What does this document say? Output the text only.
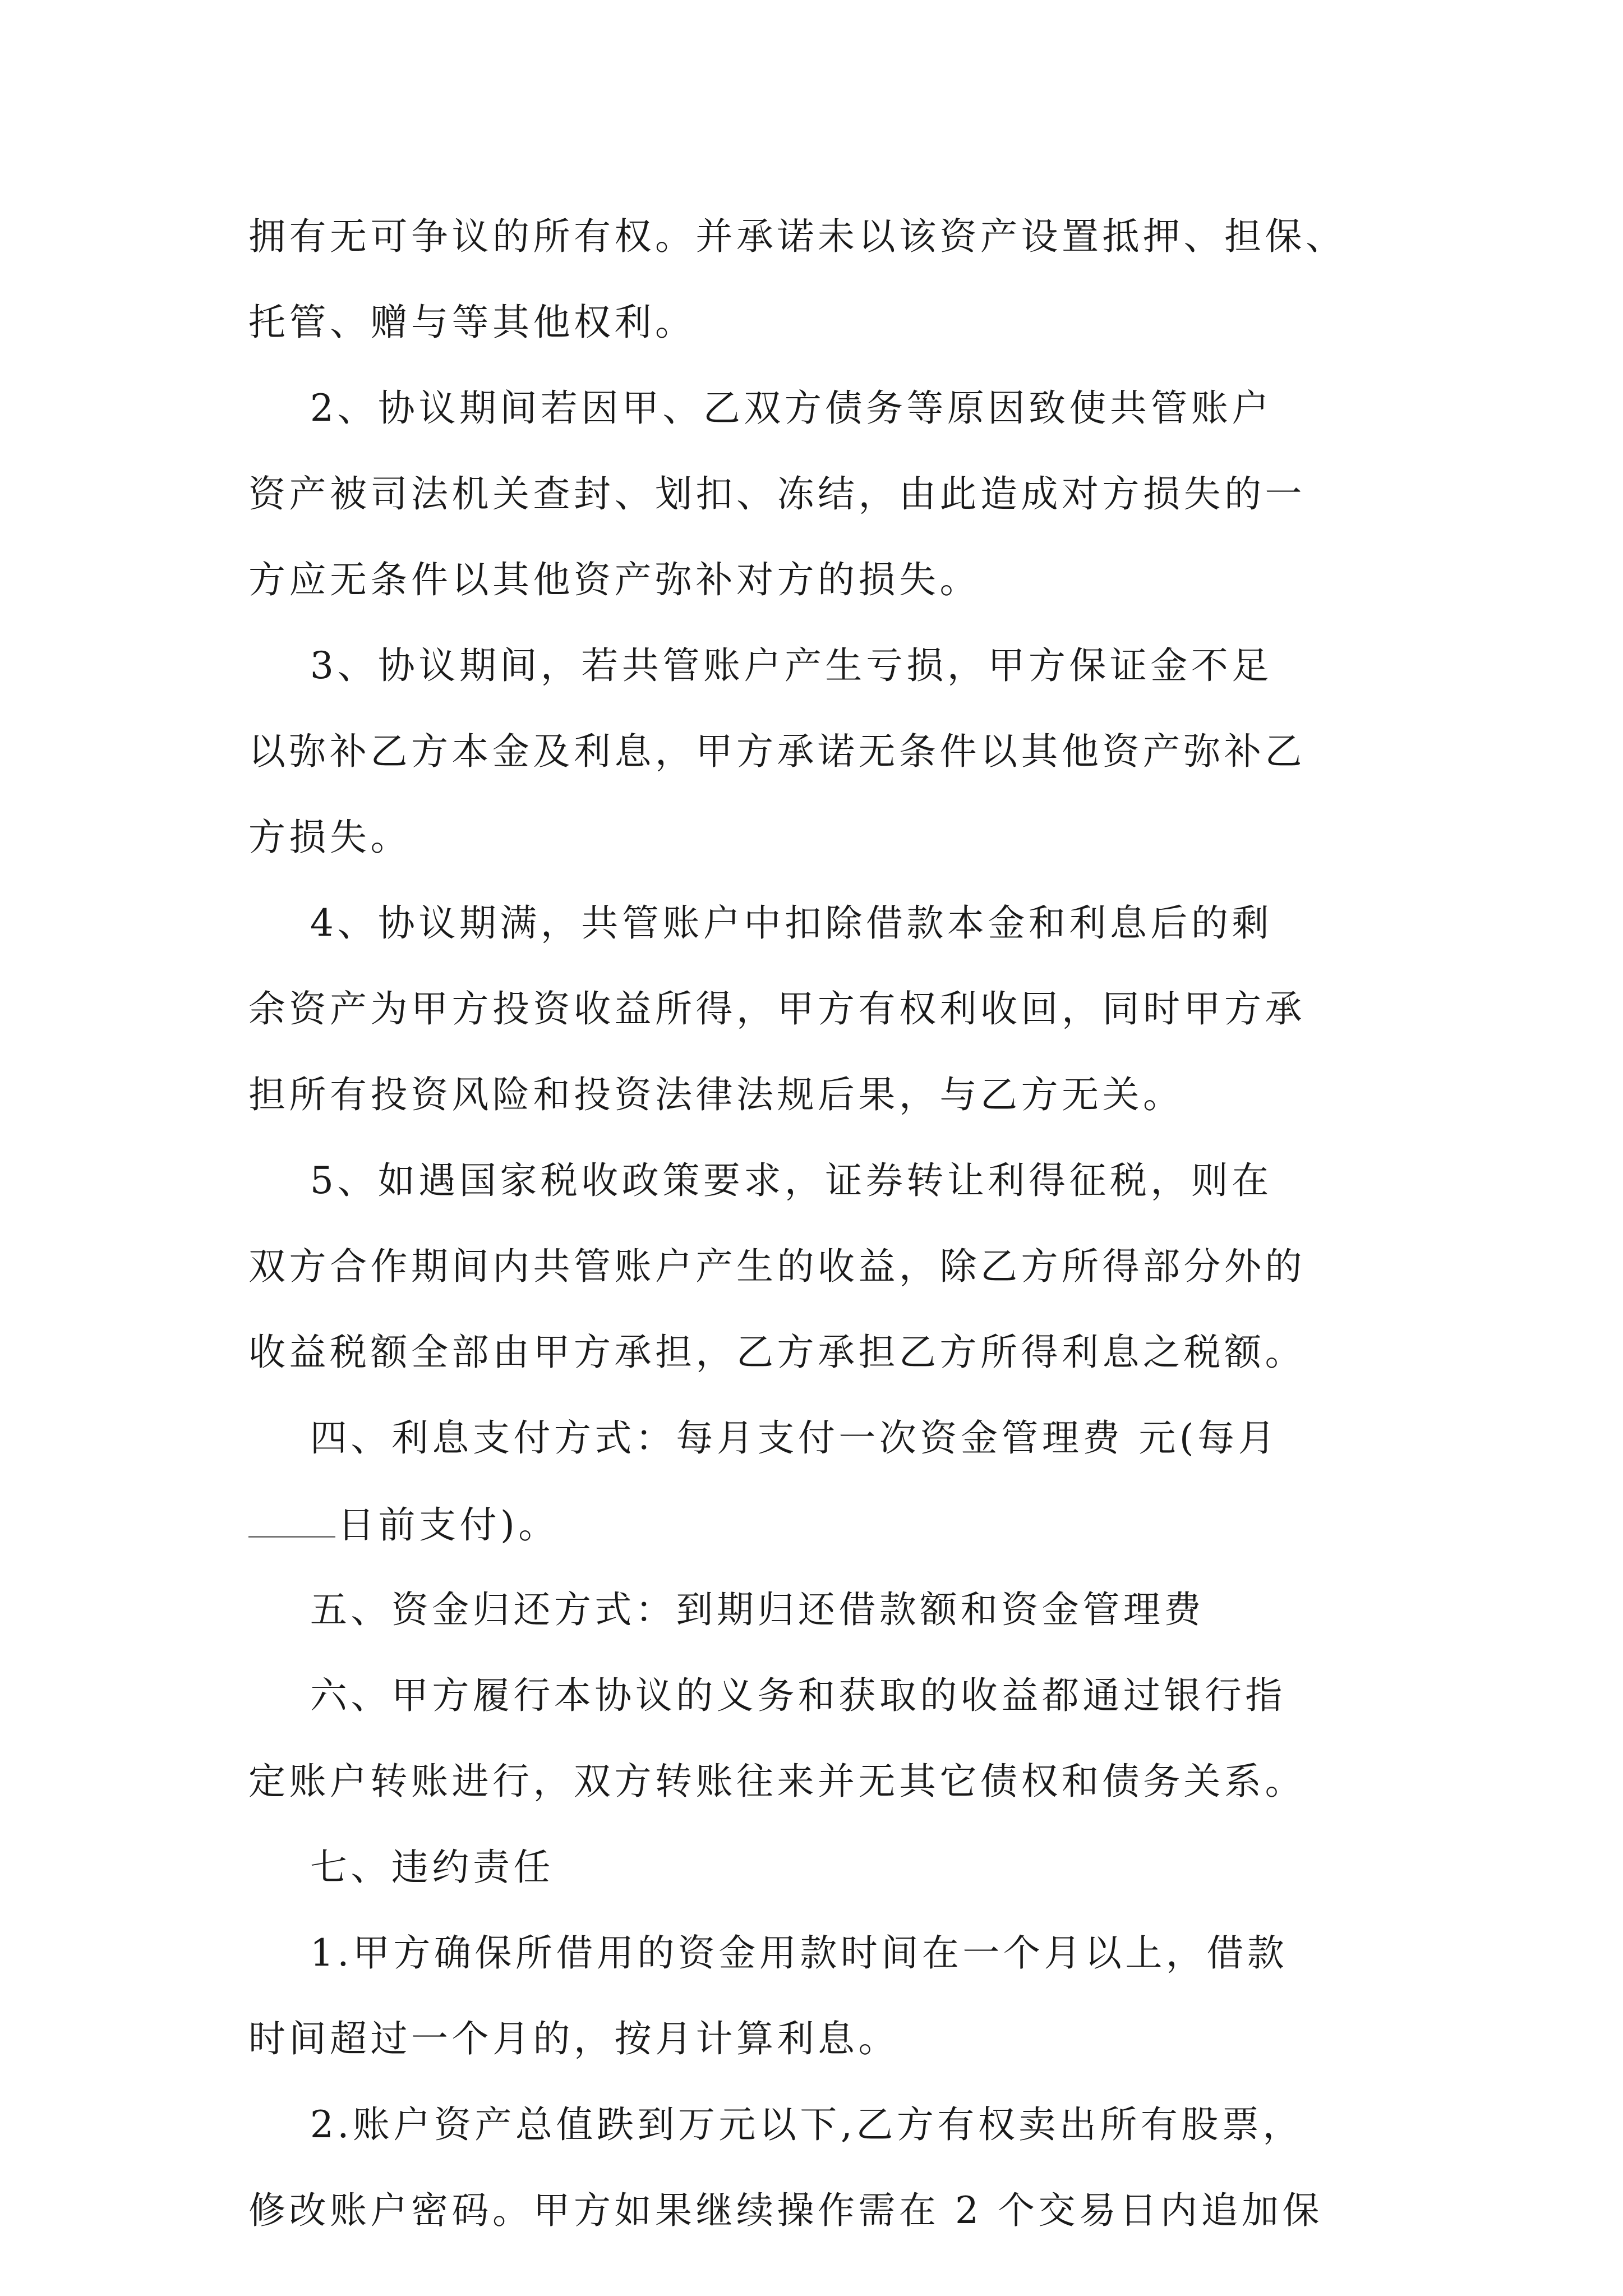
拥有无可争议的所有权。并承诺未以该资产设置抵押、担保、
托管、赠与等其他权利。
2、协议期间若因甲、乙双方债务等原因致使共管账户
资产被司法机关查封、划扣、冻结，由此造成对方损失的一
方应无条件以其他资产弥补对方的损失。
3、协议期间，若共管账户产生亏损，甲方保证金不足
以弥补乙方本金及利息，甲方承诺无条件以其他资产弥补乙
方损失。
4、协议期满，共管账户中扣除借款本金和利息后的剩
余资产为甲方投资收益所得，甲方有权利收回，同时甲方承
担所有投资风险和投资法律法规后果，与乙方无关。
5、如遇国家税收政策要求，证券转让利得征税，则在
双方合作期间内共管账户产生的收益，除乙方所得部分外的
收益税额全部由甲方承担，乙方承担乙方所得利息之税额。
四、利息支付方式：每月支付一次资金管理费 元(每月
日前支付)。
五、资金归还方式：到期归还借款额和资金管理费
六、甲方履行本协议的义务和获取的收益都通过银行指
定账户转账进行，双方转账往来并无其它债权和债务关系。
七、违约责任
1.甲方确保所借用的资金用款时间在一个月以上，借款
时间超过一个月的，按月计算利息。
2.账户资产总值跌到万元以下,乙方有权卖出所有股票，
修改账户密码。甲方如果继续操作需在 2 个交易日内追加保
